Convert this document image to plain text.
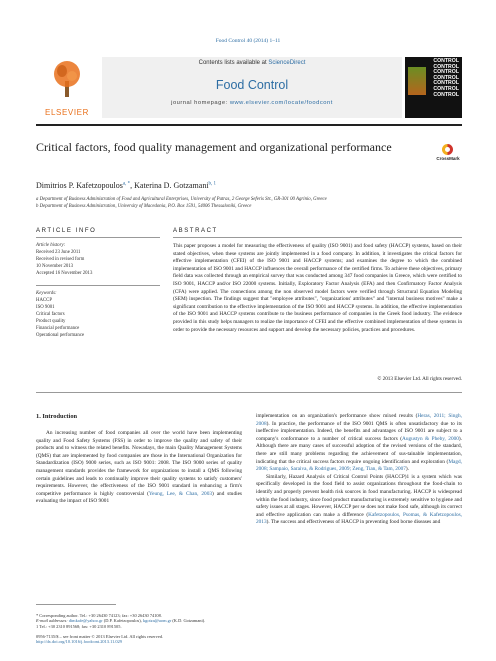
Food Control 40 (2014) 1–11
ELSEVIER
Contents lists available at ScienceDirect
Food Control
journal homepage: www.elsevier.com/locate/foodcont
CONTROL
CONTROL
CONTROL
CONTROL
CONTROL
CONTROL
CONTROL
Critical factors, food quality management and organizational performance
CrossMark
Dimitrios P. Kafetzopoulos$^{a, *}$, Katerina D. Gotzamani$^{b, 1}$
a Department of Business Administration of Food and Agricultural Enterprises, University of Patras, 2 George Seferis Str., GR-301 00 Agrinio, Greece
b Department of Business Administration, University of Macedonia, P.O. Box 1591, 54006 Thessaloniki, Greece
ARTICLE INFO	ABSTRACT
Article history:
Received 23 June 2011
Received in revised form
10 November 2013
Accepted 16 November 2013
Keywords:
HACCP
ISO 9001
Critical factors
Product quality
Financial performance
Operational performance
This paper proposes a model for measuring the effectiveness of quality (ISO 9001) and food safety (HACCP) systems, based on their stated objectives, when these systems are jointly implemented in a food company. In addition, it investigates the critical factors for effective implementation (CFEI) of the ISO 9001 and HACCP systems; and examines the degree to which the combined implementation of ISO 9001 and HACCP influences the overall performance of the certified firms. To achieve these objectives, primary field data was collected through an empirical survey that was conducted among 347 food companies in Greece, which were certified to ISO 9001, HACCP and/or ISO 22000 systems. Initially, Exploratory Factor Analysis (EFA) and then Confirmatory Factor Analysis (CFA) were applied. The connections among the non observed model factors were verified through Structural Equation Modeling (SEM) inspection. The findings suggest that "employee attributes", "organizations' attributes" and "internal business motives" make a significant contribution to the effective implementation of the ISO 9001 and HACCP systems. In addition, the effective implementation of the ISO 9001 and HACCP systems contribute to the business performance of companies in the Greek food industry. The evidence provided in this study helps managers to realize the importance of CFEI and the effective combined implementation of these systems in order to provide the necessary resources and support and develop the necessary policies, practices and procedures.
© 2013 Elsevier Ltd. All rights reserved.
1. Introduction
An increasing number of food companies all over the world have been implementing quality and Food Safety Systems (FSS) in order to improve the quality and safety of their products and to witness the related benefits. Nowadays, the main Quality Management Systems (QMS) that are implemented by food companies are those in the International Organization for Standardization (ISO) 9000 series, such as ISO 9001: 2008. The ISO 9000 series of quality management standards provides the framework for organizations to install a QMS following certain guidelines and leads to continually improve their quality systems to satisfy customers' requirements. However, the effectiveness of the ISO 9001 standard in enhancing a firm's competitive performance is highly controversial (Yeung, Lee, & Chan, 2003) and studies evaluating the impact of ISO 9001
* Corresponding author. Tel.: +30 26430 74123; fax: +30 26430 74108.
E-mail addresses: dimkafe@yahoo.gr (D.P. Kafetzopoulos), kgotza@uom.gr (K.D. Gotzamani).
1 Tel.: +30 2310 891568; fax: +30 2310 891505.
0956-7135/$ – see front matter © 2013 Elsevier Ltd. All rights reserved.
http://dx.doi.org/10.1016/j.foodcont.2013.11.029
implementation on an organization's performance show mixed results (Heras, 2011; Singh, 2008). In practice, the performance of the ISO 9001 QMS is often unsatisfactory due to its ineffective implementation. Indeed, the benefits and advantages of ISO 9001 are subject to a company's conformance to a number of critical success factors (Augustyn & Pheby, 2000). Although there are many cases of successful adoption of the revised versions of the standard, there are still many problems regarding the achievement of sus-tainable implementation, indicating that the critical success factors require ongoing identification and exploration (Magd, 2008; Sampaio, Saraiva, & Rodrigues, 2009; Zeng, Tian, & Tam, 2007).
Similarly, Hazard Analysis of Critical Control Points (HACCP)1 is a system which was specifically developed in the food field to assist organizations throughout the food-chain to identify and properly prevent health risk sources in food manufacturing. HACCP is widespread within the food industry, since food product manufacturing is extremely sensitive to hygiene and safety issues at all stages. However, HACCP per se does not make food safe, although its correct and effective application can make a difference (Kafetzopoulos, Psomas, & Kafetzopoulos, 2013). The success and effectiveness of HACCP in preventing food borne diseases and
